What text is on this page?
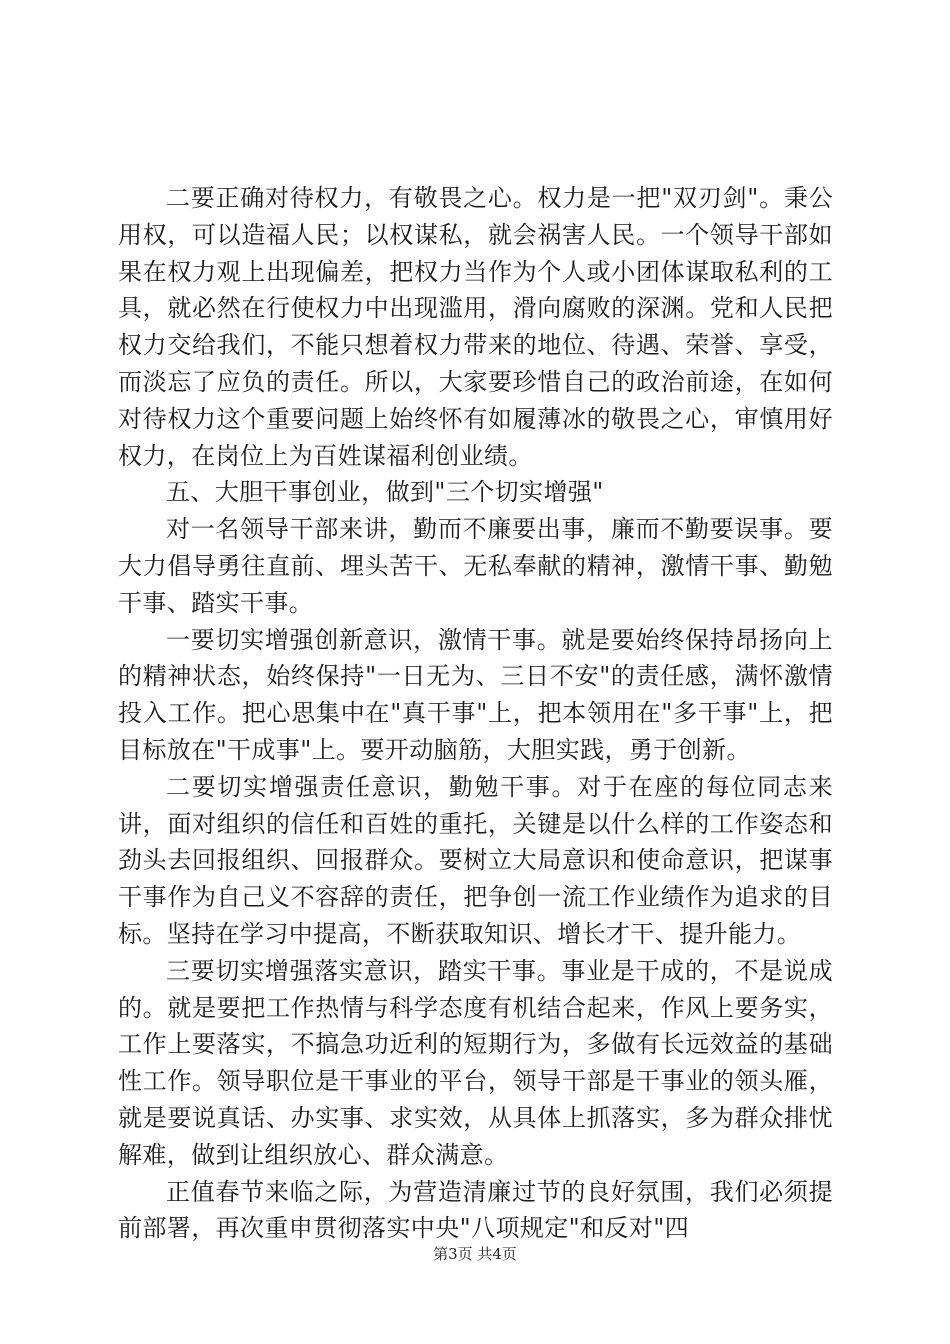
二要正确对待权力，有敬畏之心。权力是一把"双刃剑"。秉公用权，可以造福人民；以权谋私，就会祸害人民。一个领导干部如果在权力观上出现偏差，把权力当作为个人或小团体谋取私利的工具，就必然在行使权力中出现滥用，滑向腐败的深渊。党和人民把权力交给我们，不能只想着权力带来的地位、待遇、荣誉、享受，而淡忘了应负的责任。所以，大家要珍惜自己的政治前途，在如何对待权力这个重要问题上始终怀有如履薄冰的敬畏之心，审慎用好权力，在岗位上为百姓谋福利创业绩。

五、大胆干事创业，做到"三个切实增强"

对一名领导干部来讲，勤而不廉要出事，廉而不勤要误事。要大力倡导勇往直前、埋头苦干、无私奉献的精神，激情干事、勤勉干事、踏实干事。

一要切实增强创新意识，激情干事。就是要始终保持昂扬向上的精神状态，始终保持"一日无为、三日不安"的责任感，满怀激情投入工作。把心思集中在"真干事"上，把本领用在"多干事"上，把目标放在"干成事"上。要开动脑筋，大胆实践，勇于创新。

二要切实增强责任意识，勤勉干事。对于在座的每位同志来讲，面对组织的信任和百姓的重托，关键是以什么样的工作姿态和劲头去回报组织、回报群众。要树立大局意识和使命意识，把谋事干事作为自己义不容辞的责任，把争创一流工作业绩作为追求的目标。坚持在学习中提高，不断获取知识、增长才干、提升能力。

三要切实增强落实意识，踏实干事。事业是干成的，不是说成的。就是要把工作热情与科学态度有机结合起来，作风上要务实，工作上要落实，不搞急功近利的短期行为，多做有长远效益的基础性工作。领导职位是干事业的平台，领导干部是干事业的领头雁，就是要说真话、办实事、求实效，从具体上抓落实，多为群众排忧解难，做到让组织放心、群众满意。

正值春节来临之际，为营造清廉过节的良好氛围，我们必须提前部署，再次重申贯彻落实中央"八项规定"和反对"四

第3页 共4页
